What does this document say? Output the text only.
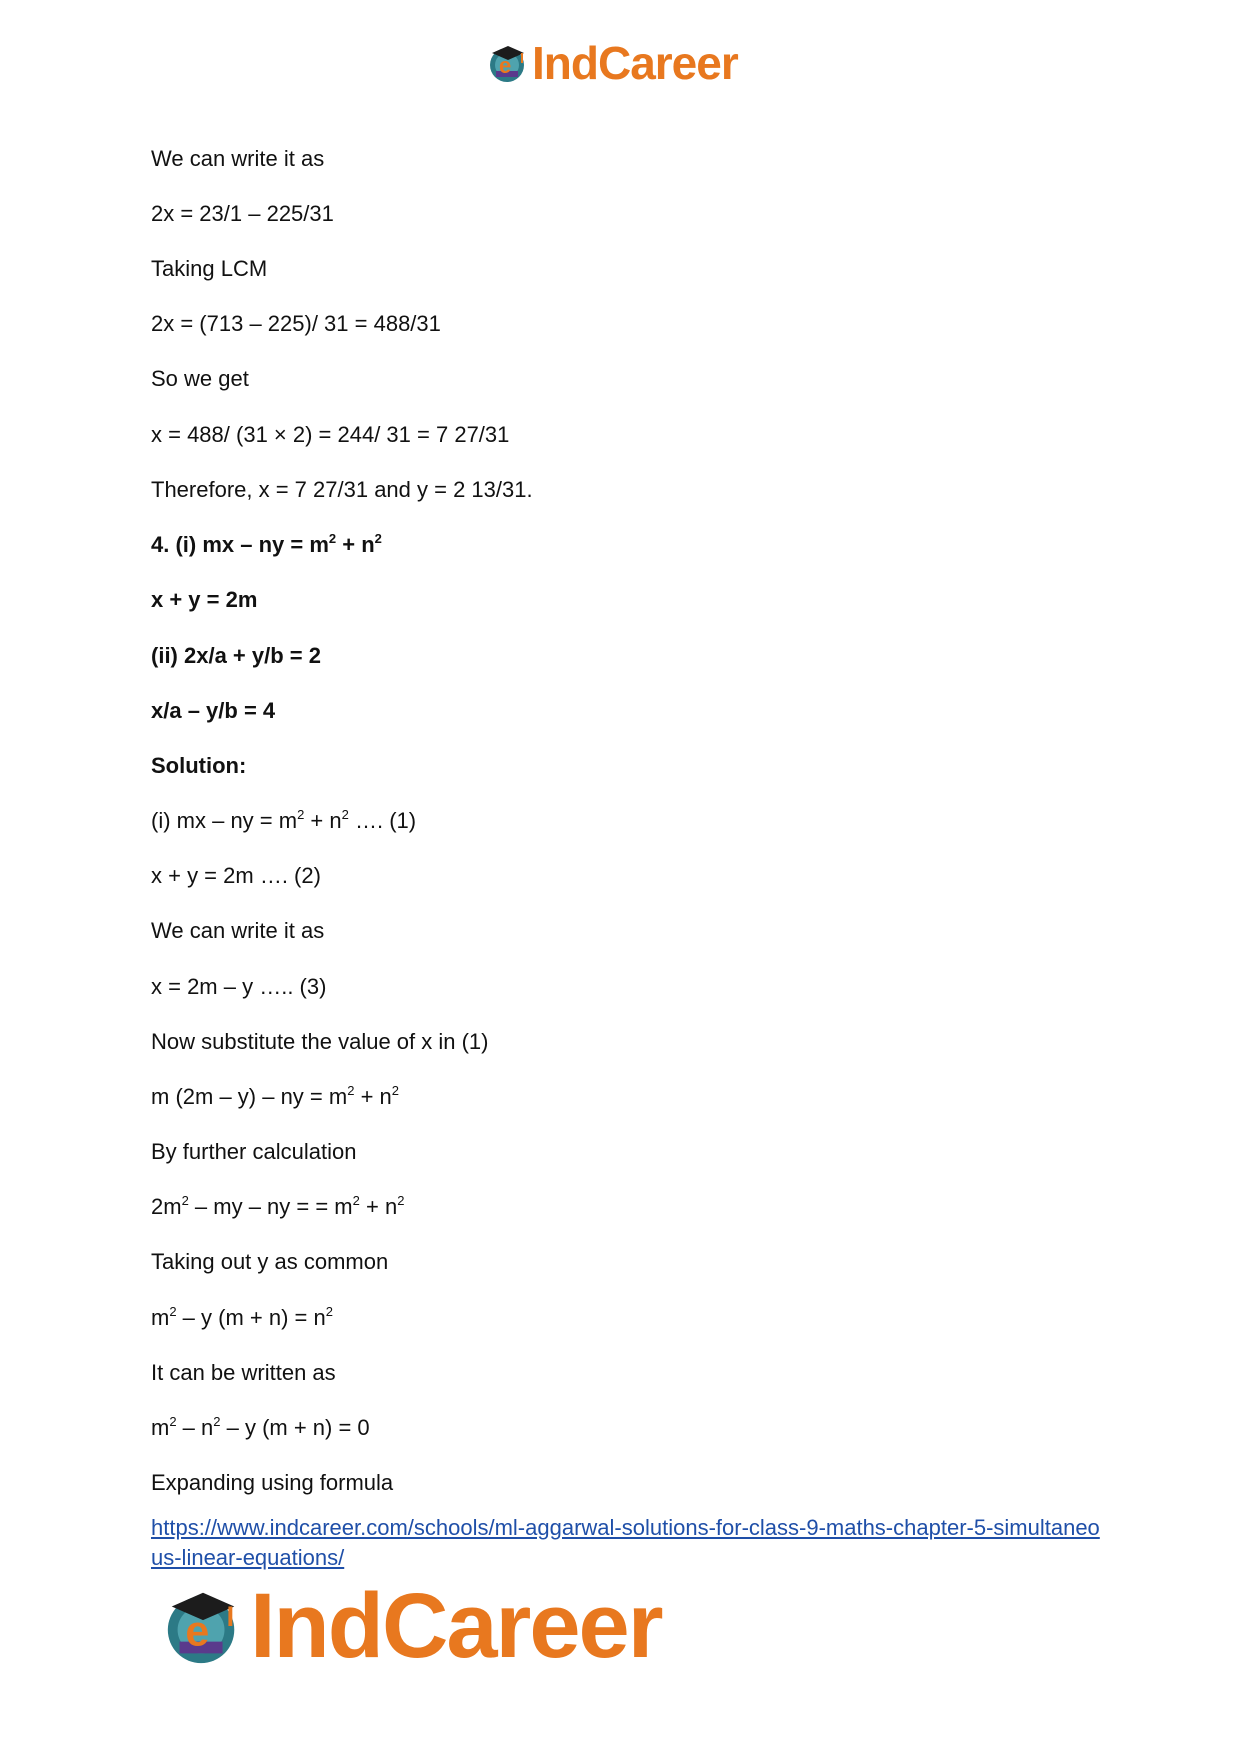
e IndCareer
We can write it as
2x = 23/1 – 225/31
Taking LCM
2x = (713 – 225)/ 31 = 488/31
So we get
x = 488/ (31 × 2) = 244/ 31 = 7 27/31
Therefore, x = 7 27/31 and y = 2 13/31.
4. (i) mx – ny = $m^2 + n^2$
x + y = 2m
(ii) 2x/a + y/b = 2
x/a – y/b = 4
Solution:
(i) mx – ny = $m^2 + n^2$ …. (1)
x + y = 2m …. (2)
We can write it as
x = 2m – y ….. (3)
Now substitute the value of x in (1)
m (2m – y) – ny = $m^2 + n^2$
By further calculation
$2m^2$ – my – ny = = $m^2 + n^2$
Taking out y as common
$m^2$ – y $(m + n) = n^2$
It can be written as
$m^2 - n^2$ – y (m + n) = 0
Expanding using formula
https://www.indcareer.com/schools/ml-aggarwal-solutions-for-class-9-maths-chapter-5-simultaneous-linear-equations/
e IndCareer
